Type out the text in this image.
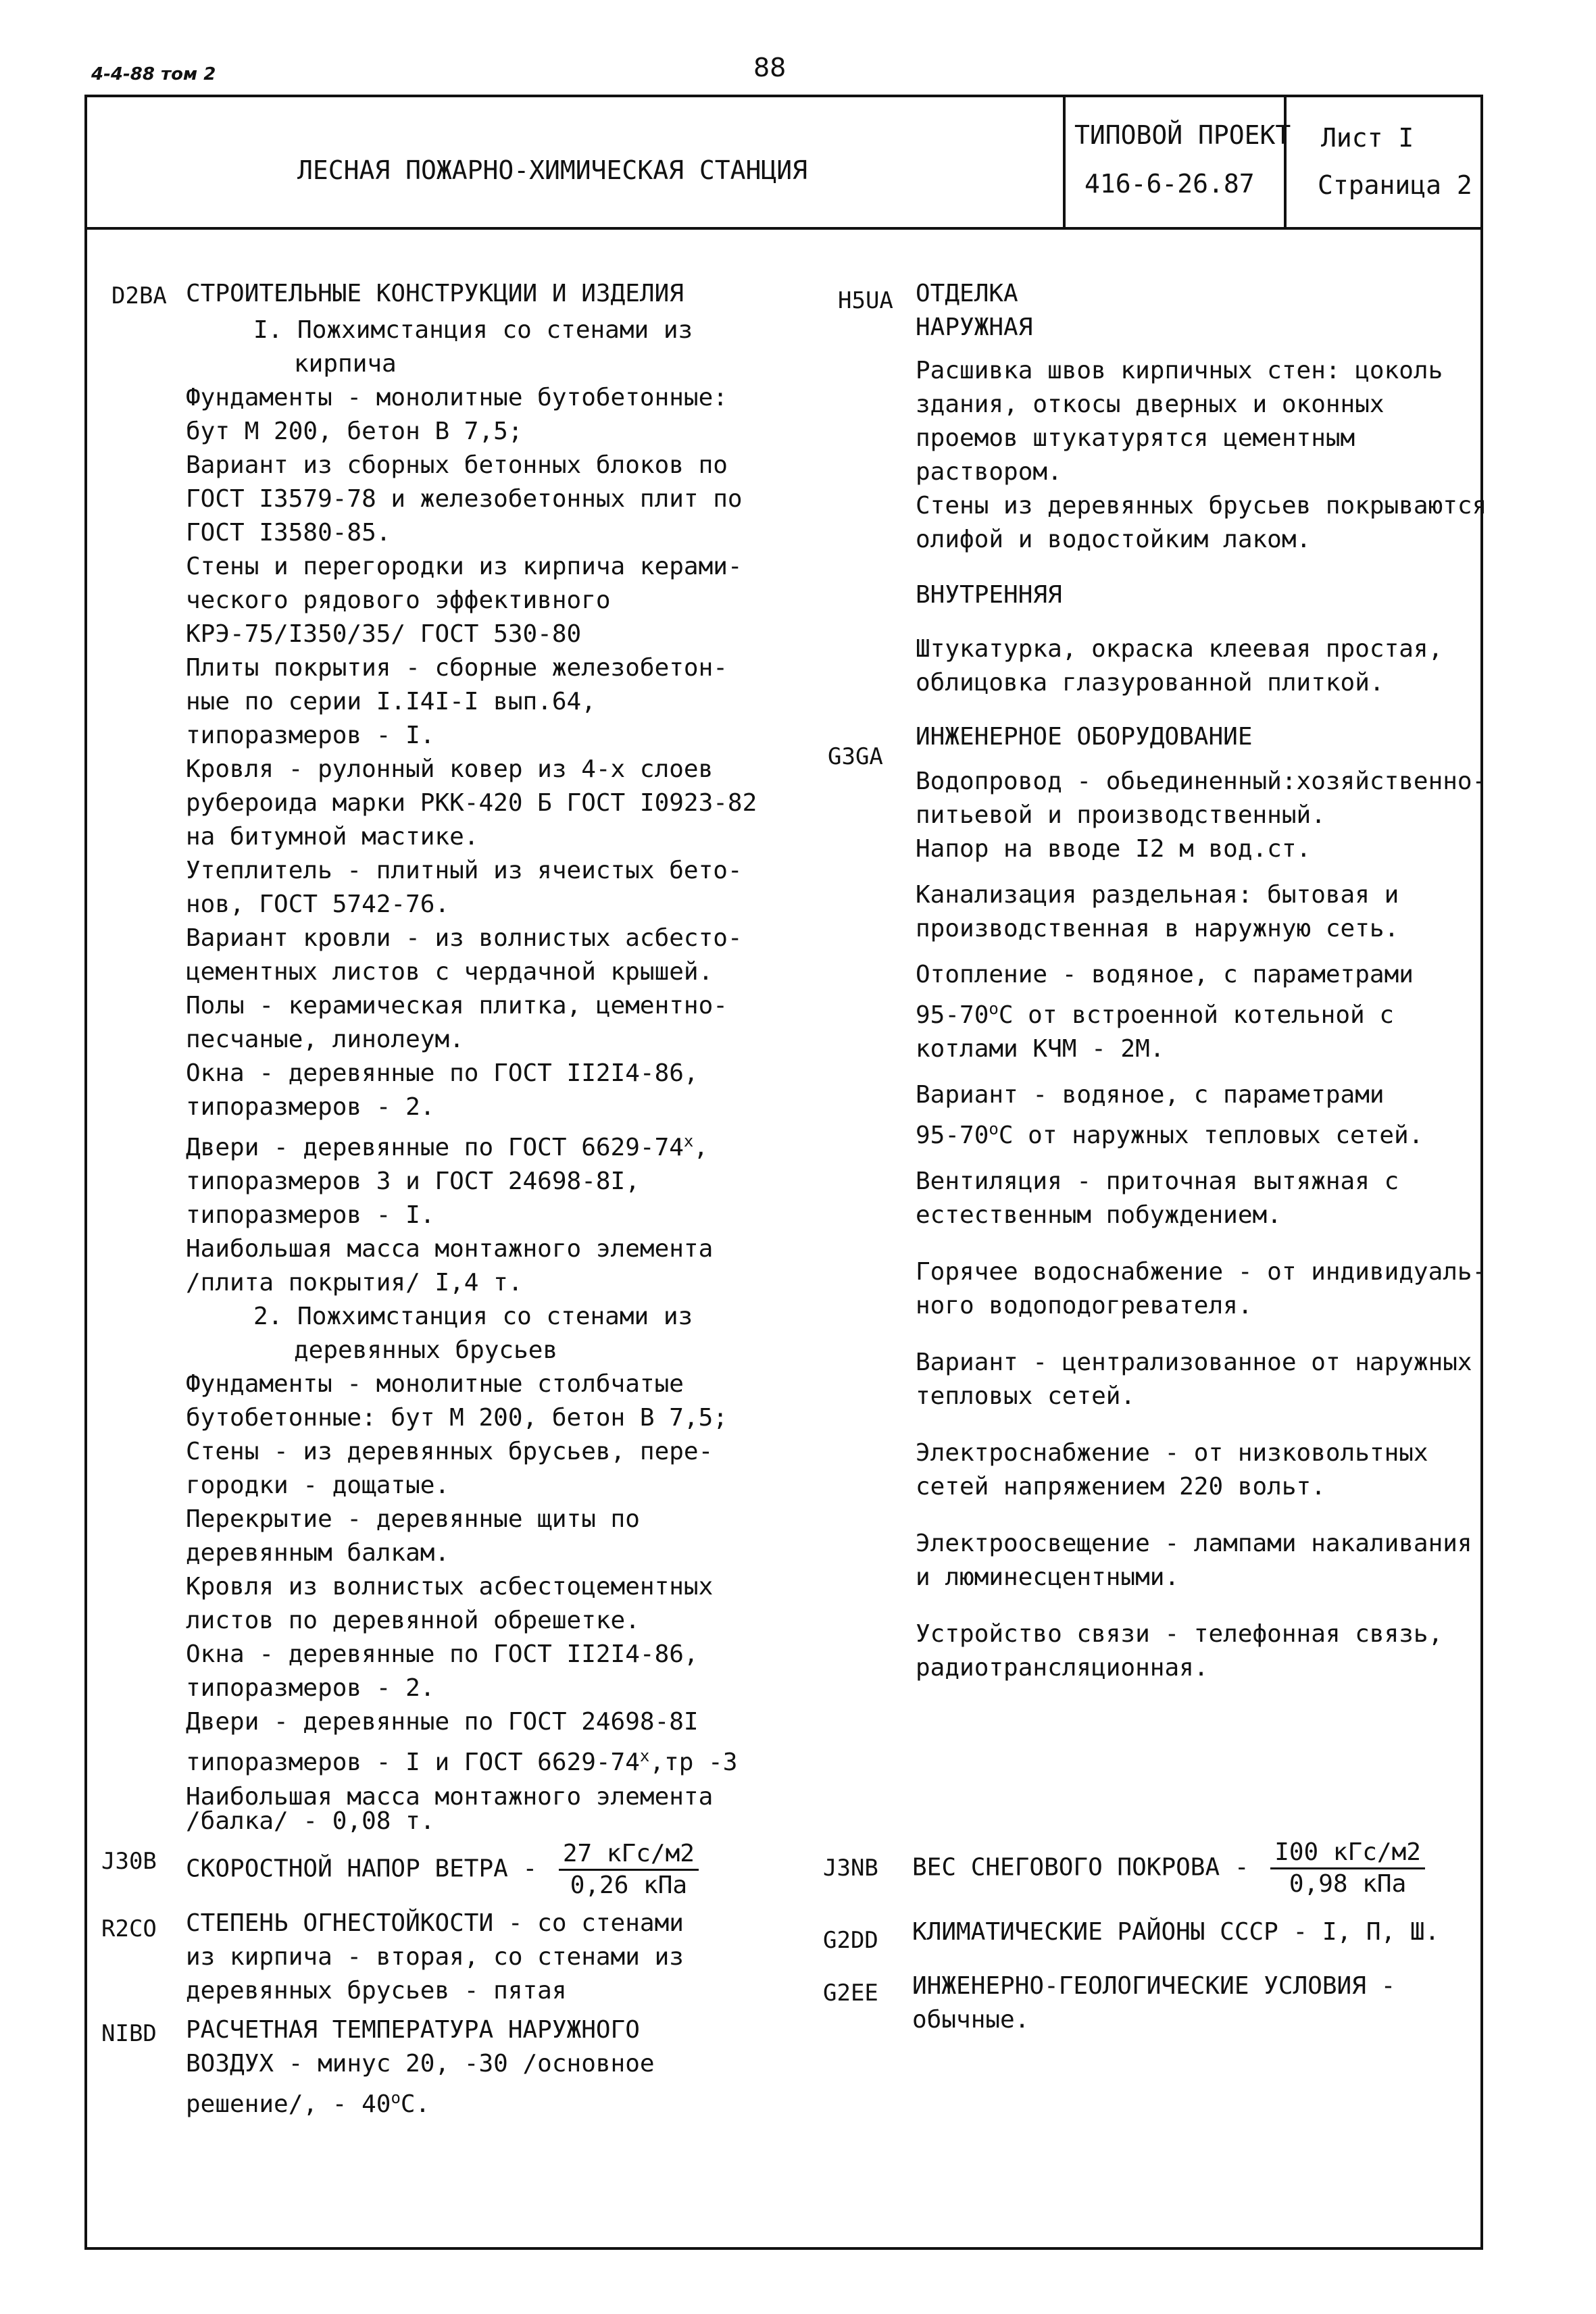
4-4-88 том 2	88
ЛЕСНАЯ ПОЖАРНО-ХИМИЧЕСКАЯ СТАНЦИЯ
ТИПОВОЙ ПРОЕКТ
416-6-26.87
Лист I
Страница 2
D2BA СТРОИТЕЛЬНЫЕ КОНСТРУКЦИИ И ИЗДЕЛИЯ

I. Пожхимстанция со стенами из

кирпича

Фундаменты - монолитные бутобетонные:

бут М 200, бетон В 7,5;

Вариант из сборных бетонных блоков по

ГОСТ I3579-78 и железобетонных плит по

ГОСТ I3580-85.

Стены и перегородки из кирпича керами-

ческого рядового эффективного

КРЭ-75/I350/35/ ГОСТ 530-80

Плиты покрытия - сборные железобетон-

ные по серии I.I4I-I вып.64,

типоразмеров - I.

Кровля - рулонный ковер из 4-х слоев

рубероида марки РКК-420 Б ГОСТ I0923-82

на битумной мастике.

Утеплитель - плитный из ячеистых бето-

нов, ГОСТ 5742-76.

Вариант кровли - из волнистых асбесто-

цементных листов с чердачной крышей.

Полы - керамическая плитка, цементно-

песчаные, линолеум.

Окна - деревянные по ГОСТ II2I4-86,

типоразмеров - 2.

Двери - деревянные по ГОСТ 6629-74$^x$,

типоразмеров 3 и ГОСТ 24698-8I,

типоразмеров - I.

Наибольшая масса монтажного элемента

/плита покрытия/ I,4 т.

2. Пожхимстанция со стенами из

деревянных брусьев

Фундаменты - монолитные столбчатые

бутобетонные: бут М 200, бетон В 7,5;

Стены - из деревянных брусьев, пере-

городки - дощатые.

Перекрытие - деревянные щиты по

деревянным балкам.

Кровля из волнистых асбестоцементных

листов по деревянной обрешетке.

Окна - деревянные по ГОСТ II2I4-86,

типоразмеров - 2.

Двери - деревянные по ГОСТ 24698-8I

типоразмеров - I и ГОСТ 6629-74$^x$,тр -3

Наибольшая масса монтажного элемента

/балка/ - 0,08 т.

J30B СКОРОСТНОЙ НАПОР ВЕТРА - $\frac{\text{27 кГс/м2}}{\text{0,26 кПа}}$
R2CO СТЕПЕНЬ ОГНЕСТОЙКОСТИ - со стенами

из кирпича - вторая, со стенами из

деревянных брусьев - пятая

NIBD РАСЧЕТНАЯ ТЕМПЕРАТУРА НАРУЖНОГО

ВОЗДУХ - минус 20, -30 /основное

решение/, - $40^оС$.

H5UA ОТДЕЛКА

НАРУЖНАЯ

Расшивка швов кирпичных стен: цоколь

здания, откосы дверных и оконных

проемов штукатурятся цементным

раствором.

Стены из деревянных брусьев покрываются

олифой и водостойким лаком.

ВНУТРЕННЯЯ

Штукатурка, окраска клеевая простая,

облицовка глазурованной плиткой.

ИНЖЕНЕРНОЕ ОБОРУДОВАНИЕ

Водопровод - обьединенный:хозяйственно-

питьевой и производственный.

Напор на вводе I2 м вод.ст.

Канализация раздельная: бытовая и

производственная в наружную сеть.

Отопление - водяное, с параметрами

$95-70^оС$ от встроенной котельной с

котлами КЧМ - 2М.

Вариант - водяное, с параметрами

$95-70^оС$ от наружных тепловых сетей.

Вентиляция - приточная вытяжная с

естественным побуждением.

Горячее водоснабжение - от индивидуаль-

ного водоподогревателя.

Вариант - централизованное от наружных

тепловых сетей.

Электроснабжение - от низковольтных

сетей напряжением 220 вольт.

Электроосвещение - лампами накаливания

и люминесцентными.

Устройство связи - телефонная связь,

радиотрансляционная.

G3GA
J3NB ВЕС СНЕГОВОГО ПОКРОВА - $\frac{\text{I00 кГс/м2}}{\text{0,98 кПа}}$
G2DD КЛИМАТИЧЕСКИЕ РАЙОНЫ СССР - I, П, Ш.
G2EE ИНЖЕНЕРНО-ГЕОЛОГИЧЕСКИЕ УСЛОВИЯ -

обычные.
